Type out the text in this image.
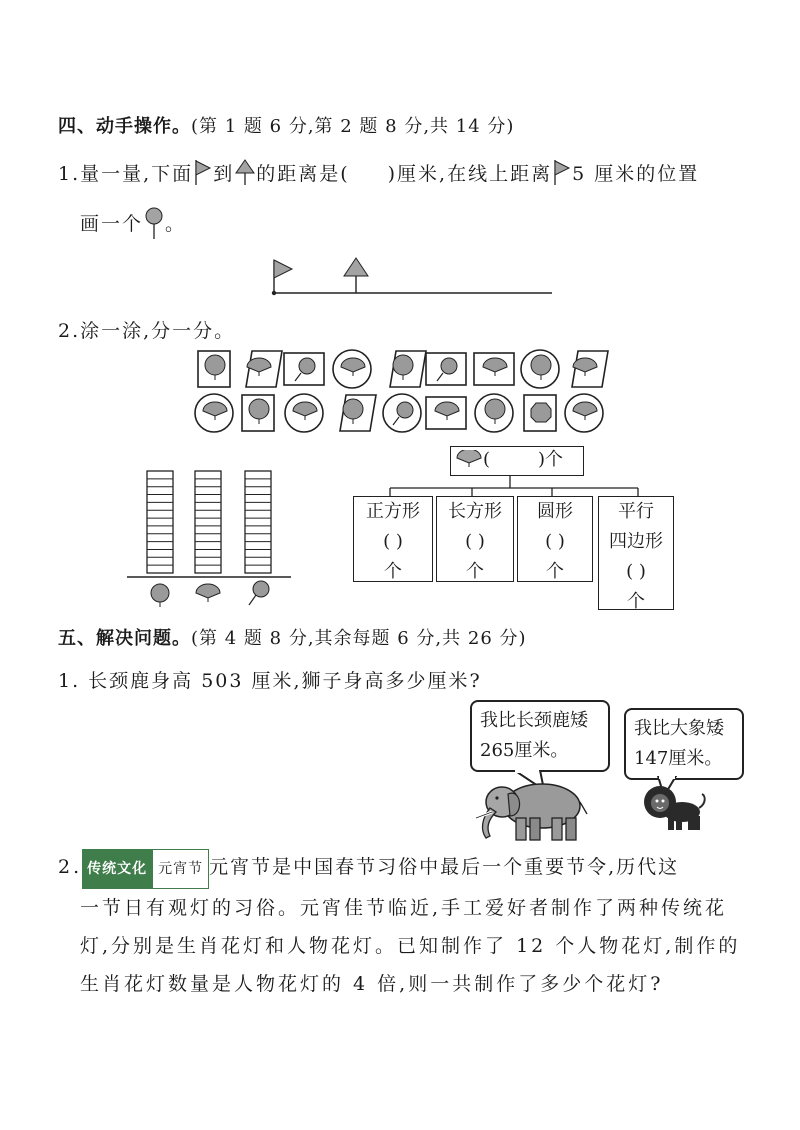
四、动手操作。(第 1 题 6 分,第 2 题 8 分,共 14 分)
1.量一量,下面 到 的距离是( )厘米,在线上距离 5 厘米的位置
画一个 。
2.涂一涂,分一分。
(	)个
正方形
( )
个
长方形
( )
个
圆形
( )
个
平行
四边形
( )
个
五、解决问题。(第 4 题 8 分,其余每题 6 分,共 26 分)
1. 长颈鹿身高 503 厘米,狮子身高多少厘米?
我比长颈鹿矮
265厘米。
我比大象矮
147厘米。
2. 传统文化 元宵节 元宵节是中国春节习俗中最后一个重要节令,历代这
一节日有观灯的习俗。元宵佳节临近,手工爱好者制作了两种传统花
灯,分别是生肖花灯和人物花灯。已知制作了 12 个人物花灯,制作的
生肖花灯数量是人物花灯的 4 倍,则一共制作了多少个花灯?
